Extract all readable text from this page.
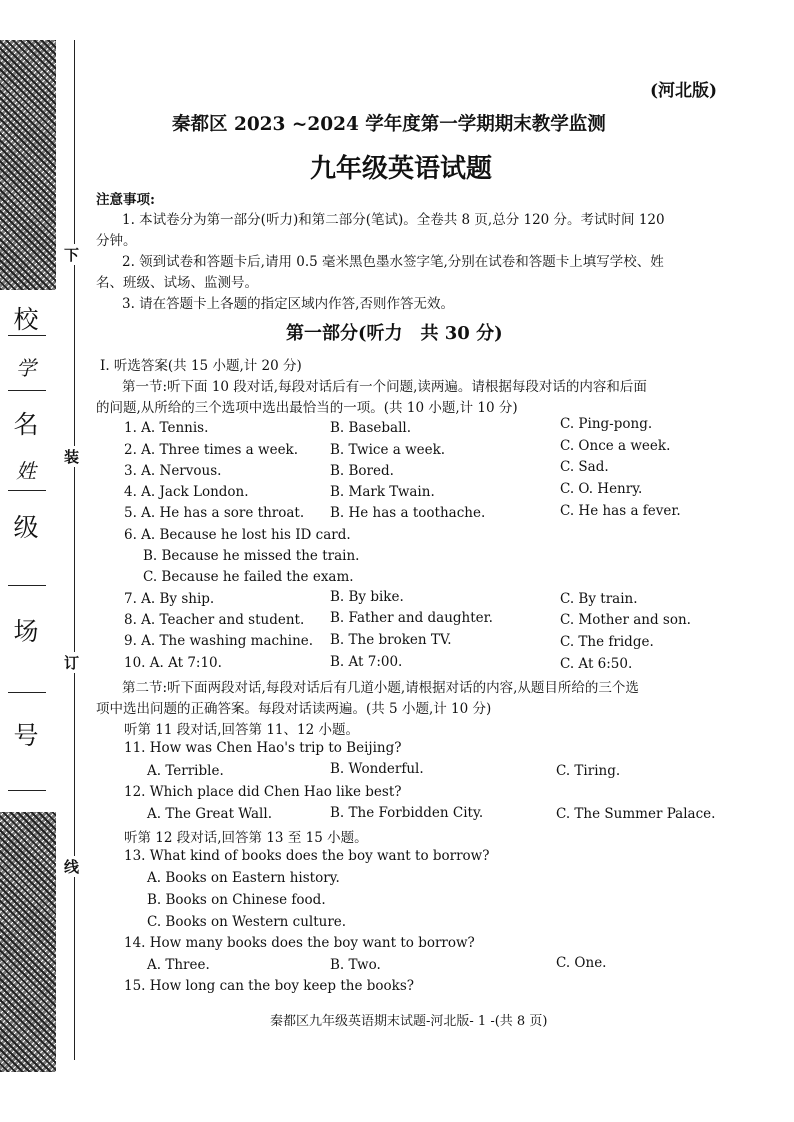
下
装
订
线
校
学
名
姓
级
场
号
(河北版)
秦都区 2023 ~2024 学年度第一学期期末教学监测
九年级英语试题
注意事项:
1. 本试卷分为第一部分(听力)和第二部分(笔试)。全卷共 8 页,总分 120 分。考试时间 120
分钟。
2. 领到试卷和答题卡后,请用 0.5 毫米黑色墨水签字笔,分别在试卷和答题卡上填写学校、姓
名、班级、试场、监测号。
3. 请在答题卡上各题的指定区域内作答,否则作答无效。
第一部分(听力　共 30 分)
Ⅰ. 听选答案(共 15 小题,计 20 分)
第一节:听下面 10 段对话,每段对话后有一个问题,读两遍。请根据每段对话的内容和后面
的问题,从所给的三个选项中选出最恰当的一项。(共 10 小题,计 10 分)
1. A. Tennis.	B. Baseball.	C. Ping-pong.
2. A. Three times a week. B. Twice a week.	C. Once a week.
3. A. Nervous.	B. Bored.	C. Sad.
4. A. Jack London.	B. Mark Twain.	C. O. Henry.
5. A. He has a sore throat. B. He has a toothache.	C. He has a fever.
6. A. Because he lost his ID card.
B. Because he missed the train.
C. Because he failed the exam.
7. A. By ship.	B. By bike.	C. By train.
8. A. Teacher and student. B. Father and daughter.	C. Mother and son.
9. A. The washing machine. B. The broken TV.	C. The fridge.
10. A. At 7:10.	B. At 7:00.	C. At 6:50.
第二节:听下面两段对话,每段对话后有几道小题,请根据对话的内容,从题目所给的三个选
项中选出问题的正确答案。每段对话读两遍。(共 5 小题,计 10 分)
听第 11 段对话,回答第 11、12 小题。
11. How was Chen Hao's trip to Beijing?
A. Terrible.	B. Wonderful.	C. Tiring.
12. Which place did Chen Hao like best?
A. The Great Wall.	B. The Forbidden City.	C. The Summer Palace.
听第 12 段对话,回答第 13 至 15 小题。
13. What kind of books does the boy want to borrow?
A. Books on Eastern history.
B. Books on Chinese food.
C. Books on Western culture.
14. How many books does the boy want to borrow?
A. Three.	B. Two.	C. One.
15. How long can the boy keep the books?
秦都区九年级英语期末试题-河北版- 1 -(共 8 页)
